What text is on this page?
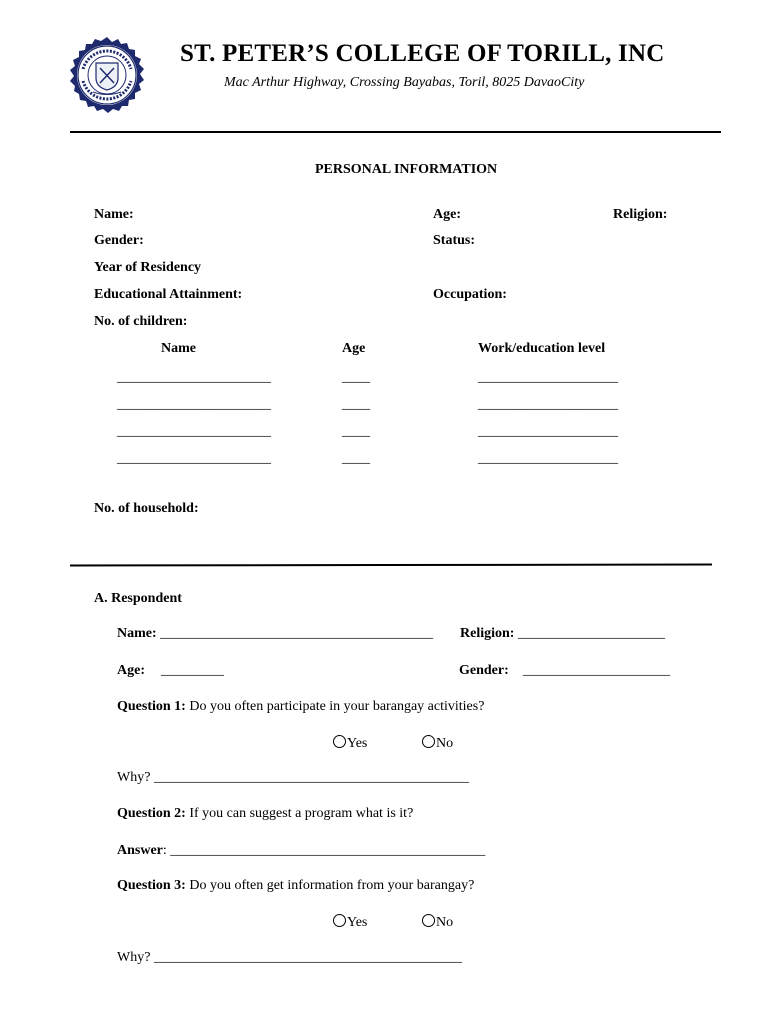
ST. PETER’S COLLEGE OF TORILL, INC
Mac Arthur Highway, Crossing Bayabas, Toril, 8025 DavaoCity
PERSONAL INFORMATION
Name:	Age:	Religion:
Gender:	Status:
Year of Residency
Educational Attainment:	Occupation:
No. of children:
Name	Age	Work/education level
______________________	____	____________________
______________________	____	____________________
______________________	____	____________________
______________________	____	____________________
No. of household:
A. Respondent
Name: _______________________________________ Religion: _____________________
Age: _________	Gender: _____________________
Question 1: Do you often participate in your barangay activities?
Yes	No
Why? _____________________________________________
Question 2: If you can suggest a program what is it?
Answer: _____________________________________________
Question 3: Do you often get information from your barangay?
Yes	No
Why? ____________________________________________
